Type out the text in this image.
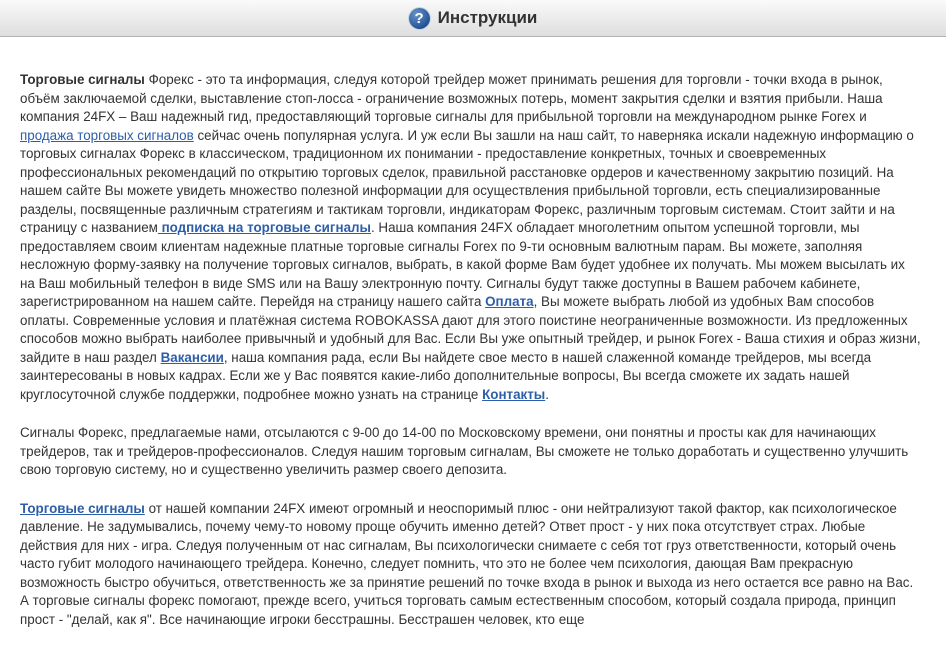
? Инструкции

Торговые сигналы Форекс - это та информация, следуя которой трейдер может принимать решения для торговли - точки входа в рынок, объём заключаемой сделки, выставление стоп-лосса - ограничение возможных потерь, момент закрытия сделки и взятия прибыли. Наша компания 24FX – Ваш надежный гид, предоставляющий торговые сигналы для прибыльной торговли на международном рынке Forex и продажа торговых сигналов сейчас очень популярная услуга. И уж если Вы зашли на наш сайт, то наверняка искали надежную информацию о торговых сигналах Форекс в классическом, традиционном их понимании - предоставление конкретных, точных и своевременных профессиональных рекомендаций по открытию торговых сделок, правильной расстановке ордеров и качественному закрытию позиций. На нашем сайте Вы можете увидеть множество полезной информации для осуществления прибыльной торговли, есть специализированные разделы, посвященные различным стратегиям и тактикам торговли, индикаторам Форекс, различным торговым системам. Стоит зайти и на страницу с названием подписка на торговые сигналы. Наша компания 24FX обладает многолетним опытом успешной торговли, мы предоставляем своим клиентам надежные платные торговые сигналы Forex по 9-ти основным валютным парам. Вы можете, заполняя несложную форму-заявку на получение торговых сигналов, выбрать, в какой форме Вам будет удобнее их получать. Мы можем высылать их на Ваш мобильный телефон в виде SMS или на Вашу электронную почту. Сигналы будут также доступны в Вашем рабочем кабинете, зарегистрированном на нашем сайте. Перейдя на страницу нашего сайта Оплата, Вы можете выбрать любой из удобных Вам способов оплаты. Современные условия и платёжная система ROBOKASSA дают для этого поистине неограниченные возможности. Из предложенных способов можно выбрать наиболее привычный и удобный для Вас. Если Вы уже опытный трейдер, и рынок Forex - Ваша стихия и образ жизни, зайдите в наш раздел Вакансии, наша компания рада, если Вы найдете свое место в нашей слаженной команде трейдеров, мы всегда заинтересованы в новых кадрах. Если же у Вас появятся какие-либо дополнительные вопросы, Вы всегда сможете их задать нашей круглосуточной службе поддержки, подробнее можно узнать на странице Контакты.

Сигналы Форекс, предлагаемые нами, отсылаются с 9-00 до 14-00 по Московскому времени, они понятны и просты как для начинающих трейдеров, так и трейдеров-профессионалов. Следуя нашим торговым сигналам, Вы сможете не только доработать и существенно улучшить свою торговую систему, но и существенно увеличить размер своего депозита.

Торговые сигналы от нашей компании 24FX имеют огромный и неоспоримый плюс - они нейтрализуют такой фактор, как психологическое давление. Не задумывались, почему чему-то новому проще обучить именно детей? Ответ прост - у них пока отсутствует страх. Любые действия для них - игра. Следуя полученным от нас сигналам, Вы психологически снимаете с себя тот груз ответственности, который очень часто губит молодого начинающего трейдера. Конечно, следует помнить, что это не более чем психология, дающая Вам прекрасную возможность быстро обучиться, ответственность же за принятие решений по точке входа в рынок и выхода из него остается все равно на Вас. А торговые сигналы форекс помогают, прежде всего, учиться торговать самым естественным способом, который создала природа, принцип прост - "делай, как я". Все начинающие игроки бесстрашны. Бесстрашен человек, кто еще
